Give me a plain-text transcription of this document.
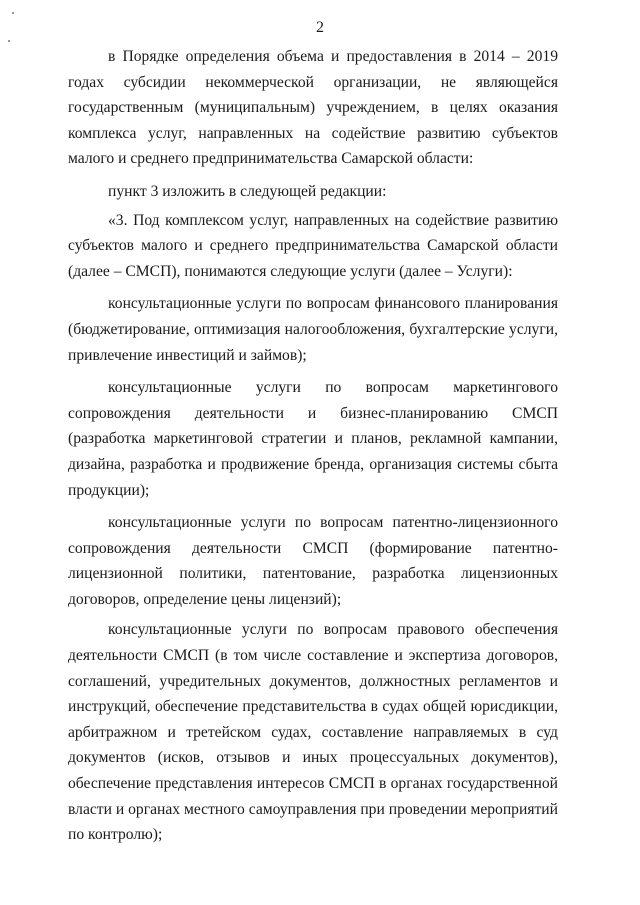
2

в Порядке определения объема и предоставления в 2014 – 2019 годах субсидии некоммерческой организации, не являющейся государственным (муниципальным) учреждением, в целях оказания комплекса услуг, направленных на содействие развитию субъектов малого и среднего предпринимательства Самарской области:

пункт 3 изложить в следующей редакции:

«3. Под комплексом услуг, направленных на содействие развитию субъектов малого и среднего предпринимательства Самарской области (далее – СМСП), понимаются следующие услуги (далее – Услуги):

консультационные услуги по вопросам финансового планирования (бюджетирование, оптимизация налогообложения, бухгалтерские услуги, привлечение инвестиций и займов);

консультационные услуги по вопросам маркетингового сопровождения деятельности и бизнес-планированию СМСП (разработка маркетинговой стратегии и планов, рекламной кампании, дизайна, разработка и продвижение бренда, организация системы сбыта продукции);

консультационные услуги по вопросам патентно-лицензионного сопровождения деятельности СМСП (формирование патентно-лицензионной политики, патентование, разработка лицензионных договоров, определение цены лицензий);

консультационные услуги по вопросам правового обеспечения деятельности СМСП (в том числе составление и экспертиза договоров, соглашений, учредительных документов, должностных регламентов и инструкций, обеспечение представительства в судах общей юрисдикции, арбитражном и третейском судах, составление направляемых в суд документов (исков, отзывов и иных процессуальных документов), обеспечение представления интересов СМСП в органах государственной власти и органах местного самоуправления при проведении мероприятий по контролю);
